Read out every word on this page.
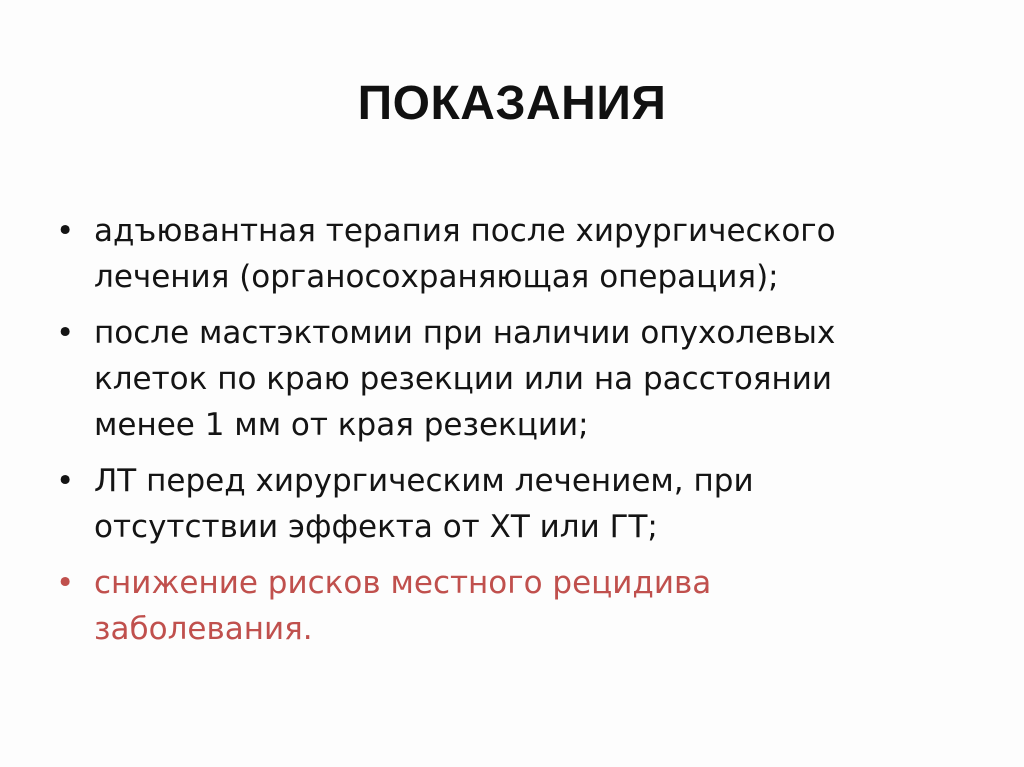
ПОКАЗАНИЯ
• адъювантная терапия после хирургического
лечения (органосохраняющая операция);
• после мастэктомии при наличии опухолевых
клеток по краю резекции или на расстоянии
менее 1 мм от края резекции;
• ЛТ перед хирургическим лечением, при
отсутствии эффекта от ХТ или ГТ;
• снижение рисков местного рецидива
заболевания.
